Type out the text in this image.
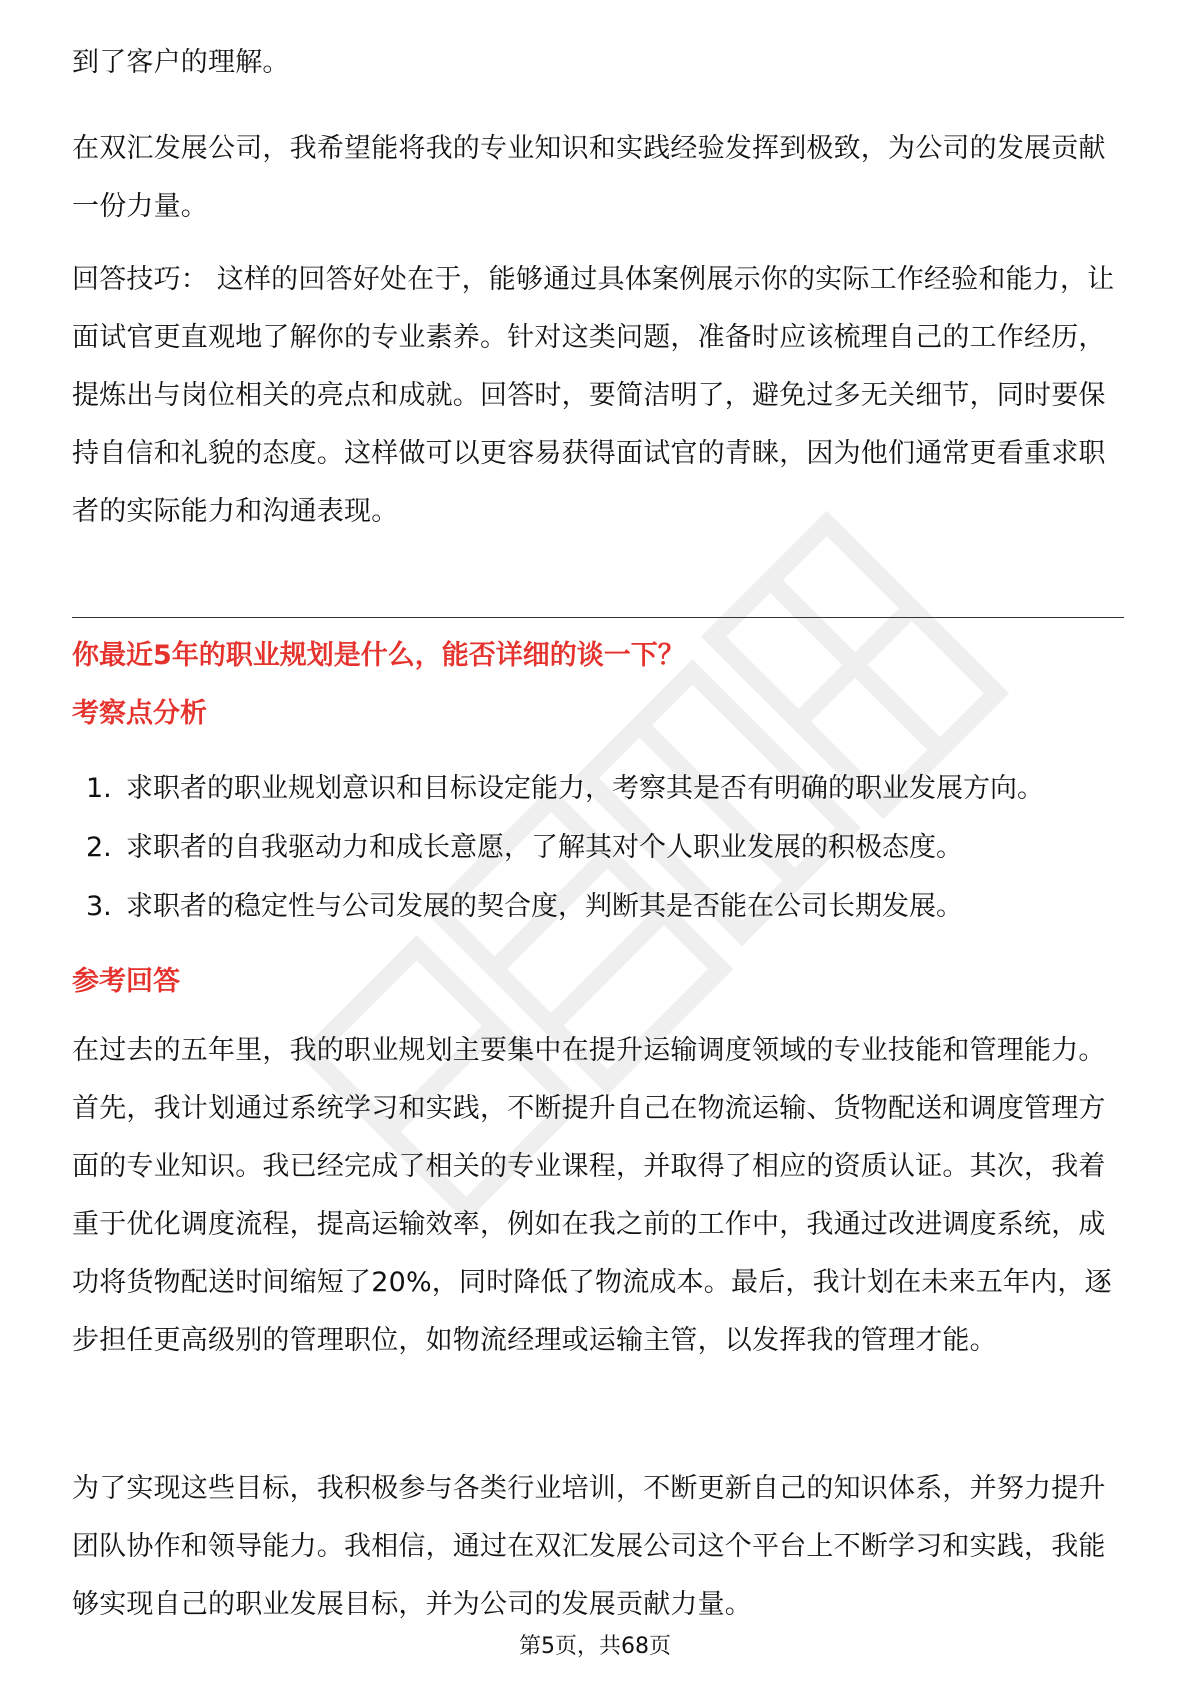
到了客户的理解。
在双汇发展公司，我希望能将我的专业知识和实践经验发挥到极致，为公司的发展贡献一份力量。
回答技巧： 这样的回答好处在于，能够通过具体案例展示你的实际工作经验和能力，让面试官更直观地了解你的专业素养。针对这类问题，准备时应该梳理自己的工作经历，提炼出与岗位相关的亮点和成就。回答时，要简洁明了，避免过多无关细节，同时要保持自信和礼貌的态度。这样做可以更容易获得面试官的青睐，因为他们通常更看重求职者的实际能力和沟通表现。
你最近5年的职业规划是什么，能否详细的谈一下？
考察点分析
1. 求职者的职业规划意识和目标设定能力，考察其是否有明确的职业发展方向。
2. 求职者的自我驱动力和成长意愿，了解其对个人职业发展的积极态度。
3. 求职者的稳定性与公司发展的契合度，判断其是否能在公司长期发展。
参考回答
在过去的五年里，我的职业规划主要集中在提升运输调度领域的专业技能和管理能力。首先，我计划通过系统学习和实践，不断提升自己在物流运输、货物配送和调度管理方面的专业知识。我已经完成了相关的专业课程，并取得了相应的资质认证。其次，我着重于优化调度流程，提高运输效率，例如在我之前的工作中，我通过改进调度系统，成功将货物配送时间缩短了20%，同时降低了物流成本。最后，我计划在未来五年内，逐步担任更高级别的管理职位，如物流经理或运输主管，以发挥我的管理才能。
为了实现这些目标，我积极参与各类行业培训，不断更新自己的知识体系，并努力提升团队协作和领导能力。我相信，通过在双汇发展公司这个平台上不断学习和实践，我能够实现自己的职业发展目标，并为公司的发展贡献力量。
第5页，共68页
